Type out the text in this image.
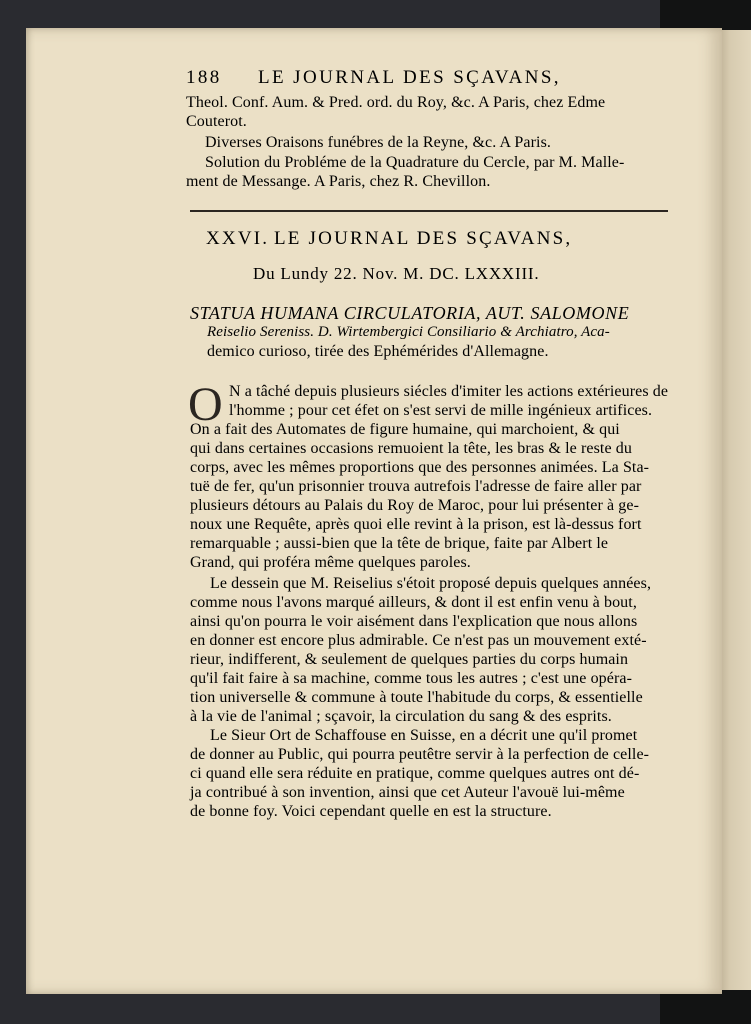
188 LE JOURNAL DES SÇAVANS,
Theol. Conf. Aum. & Pred. ord. du Roy, &c. A Paris, chez Edme
Couterot.
Diverses Oraisons funébres de la Reyne, &c. A Paris.
Solution du Probléme de la Quadrature du Cercle, par M. Malle-
ment de Messange. A Paris, chez R. Chevillon.
XXVI. LE JOURNAL DES SÇAVANS,
Du Lundy 22. Nov. M. DC. LXXXIII.
STATUA HUMANA CIRCULATORIA, AUT. SALOMONE
Reiselio Sereniss. D. Wirtembergici Consiliario & Archiatro, Aca-
demico curioso, tirée des Ephémérides d'Allemagne.
O N a tâché depuis plusieurs siécles d'imiter les actions extérieures de
l'homme ; pour cet éfet on s'est servi de mille ingénieux artifices.
On a fait des Automates de figure humaine, qui marchoient, & qui
qui dans certaines occasions remuoient la tête, les bras & le reste du
corps, avec les mêmes proportions que des personnes animées. La Sta-
tuë de fer, qu'un prisonnier trouva autrefois l'adresse de faire aller par
plusieurs détours au Palais du Roy de Maroc, pour lui présenter à ge-
noux une Requête, après quoi elle revint à la prison, est là-dessus fort
remarquable ; aussi-bien que la tête de brique, faite par Albert le
Grand, qui proféra même quelques paroles.
Le dessein que M. Reiselius s'étoit proposé depuis quelques années,
comme nous l'avons marqué ailleurs, & dont il est enfin venu à bout,
ainsi qu'on pourra le voir aisément dans l'explication que nous allons
en donner est encore plus admirable. Ce n'est pas un mouvement exté-
rieur, indifferent, & seulement de quelques parties du corps humain
qu'il fait faire à sa machine, comme tous les autres ; c'est une opéra-
tion universelle & commune à toute l'habitude du corps, & essentielle
à la vie de l'animal ; sçavoir, la circulation du sang & des esprits.
Le Sieur Ort de Schaffouse en Suisse, en a décrit une qu'il promet
de donner au Public, qui pourra peutêtre servir à la perfection de celle-
ci quand elle sera réduite en pratique, comme quelques autres ont dé-
ja contribué à son invention, ainsi que cet Auteur l'avouë lui-même
de bonne foy. Voici cependant quelle en est la structure.
